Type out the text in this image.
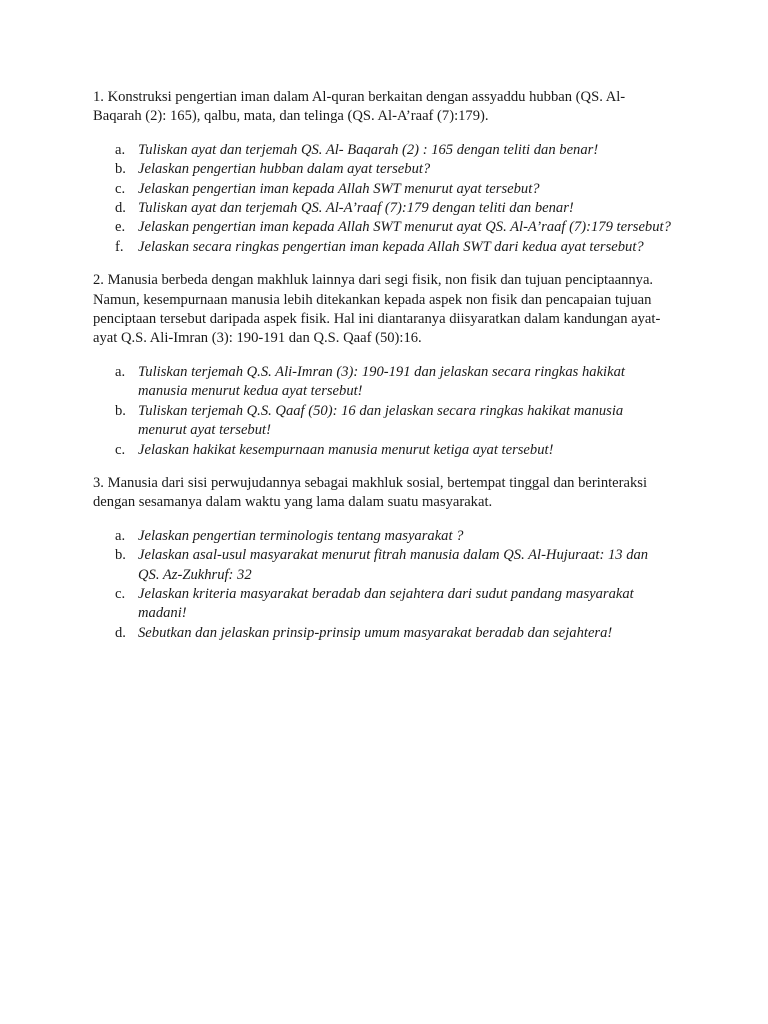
1. Konstruksi pengertian iman dalam Al-quran berkaitan dengan assyaddu hubban (QS. Al-Baqarah (2): 165), qalbu, mata, dan telinga (QS. Al-A’raaf (7):179).

a. Tuliskan ayat dan terjemah QS. Al- Baqarah (2) : 165 dengan teliti dan benar!
b. Jelaskan pengertian hubban dalam ayat tersebut?
c. Jelaskan pengertian iman kepada Allah SWT menurut ayat tersebut?
d. Tuliskan ayat dan terjemah QS. Al-A’raaf (7):179 dengan teliti dan benar!
e. Jelaskan pengertian iman kepada Allah SWT menurut ayat QS. Al-A’raaf (7):179 tersebut?
f. Jelaskan secara ringkas pengertian iman kepada Allah SWT dari kedua ayat tersebut?

2. Manusia berbeda dengan makhluk lainnya dari segi fisik, non fisik dan tujuan penciptaannya. Namun, kesempurnaan manusia lebih ditekankan kepada aspek non fisik dan pencapaian tujuan penciptaan tersebut daripada aspek fisik. Hal ini diantaranya diisyaratkan dalam kandungan ayat-ayat Q.S. Ali-Imran (3): 190-191 dan Q.S. Qaaf (50):16.

a. Tuliskan terjemah Q.S. Ali-Imran (3): 190-191 dan jelaskan secara ringkas hakikat manusia menurut kedua ayat tersebut!
b. Tuliskan terjemah Q.S. Qaaf (50): 16 dan jelaskan secara ringkas hakikat manusia menurut ayat tersebut!
c. Jelaskan hakikat kesempurnaan manusia menurut ketiga ayat tersebut!

3. Manusia dari sisi perwujudannya sebagai makhluk sosial, bertempat tinggal dan berinteraksi dengan sesamanya dalam waktu yang lama dalam suatu masyarakat.

a. Jelaskan pengertian terminologis tentang masyarakat ?
b. Jelaskan asal-usul masyarakat menurut fitrah manusia dalam QS. Al-Hujuraat: 13 dan QS. Az-Zukhruf: 32
c. Jelaskan kriteria masyarakat beradab dan sejahtera dari sudut pandang masyarakat madani!
d. Sebutkan dan jelaskan prinsip-prinsip umum masyarakat beradab dan sejahtera!
